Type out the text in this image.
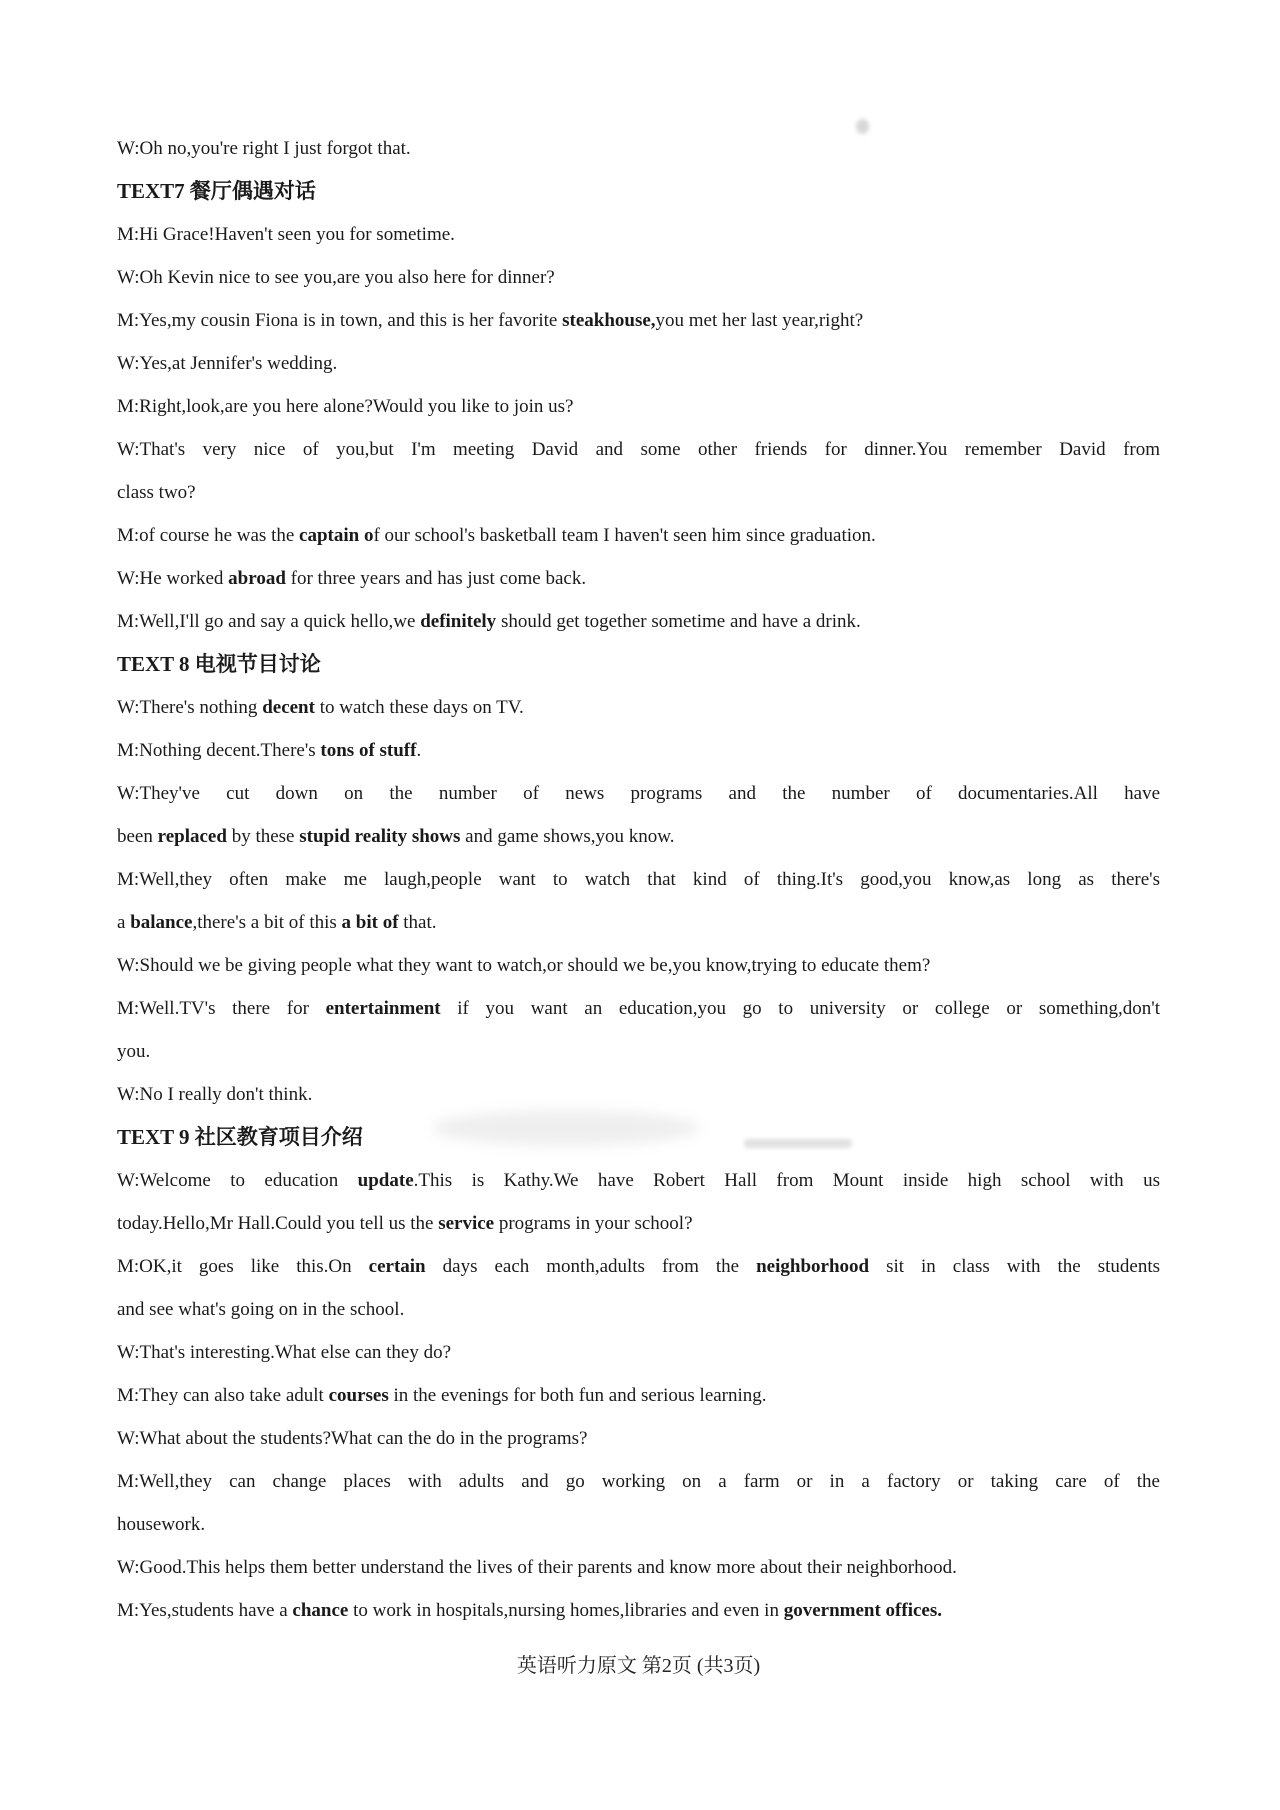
W:Oh no,you're right I just forgot that.

TEXT7 餐厅偶遇对话

M:Hi Grace!Haven't seen you for sometime.

W:Oh Kevin nice to see you,are you also here for dinner?

M:Yes,my cousin Fiona is in town, and this is her favorite steakhouse,you met her last year,right?

W:Yes,at Jennifer's wedding.

M:Right,look,are you here alone?Would you like to join us?

W:That's very nice of you,but I'm meeting David and some other friends for dinner.You remember David from

class two?

M:of course he was the captain of our school's basketball team I haven't seen him since graduation.

W:He worked abroad for three years and has just come back.

M:Well,I'll go and say a quick hello,we definitely should get together sometime and have a drink.

TEXT 8 电视节目讨论

W:There's nothing decent to watch these days on TV.

M:Nothing decent.There's tons of stuff.

W:They've cut down on the number of news programs and the number of documentaries.All have

been replaced by these stupid reality shows and game shows,you know.

M:Well,they often make me laugh,people want to watch that kind of thing.It's good,you know,as long as there's

a balance,there's a bit of this a bit of that.

W:Should we be giving people what they want to watch,or should we be,you know,trying to educate them?

M:Well.TV's there for entertainment if you want an education,you go to university or college or something,don't

you.

W:No I really don't think.

TEXT 9 社区教育项目介绍

W:Welcome to education update.This is Kathy.We have Robert Hall from Mount inside high school with us

today.Hello,Mr Hall.Could you tell us the service programs in your school?

M:OK,it goes like this.On certain days each month,adults from the neighborhood sit in class with the students

and see what's going on in the school.

W:That's interesting.What else can they do?

M:They can also take adult courses in the evenings for both fun and serious learning.

W:What about the students?What can the do in the programs?

M:Well,they can change places with adults and go working on a farm or in a factory or taking care of the

housework.

W:Good.This helps them better understand the lives of their parents and know more about their neighborhood.

M:Yes,students have a chance to work in hospitals,nursing homes,libraries and even in government offices.

英语听力原文 第2页 (共3页)
